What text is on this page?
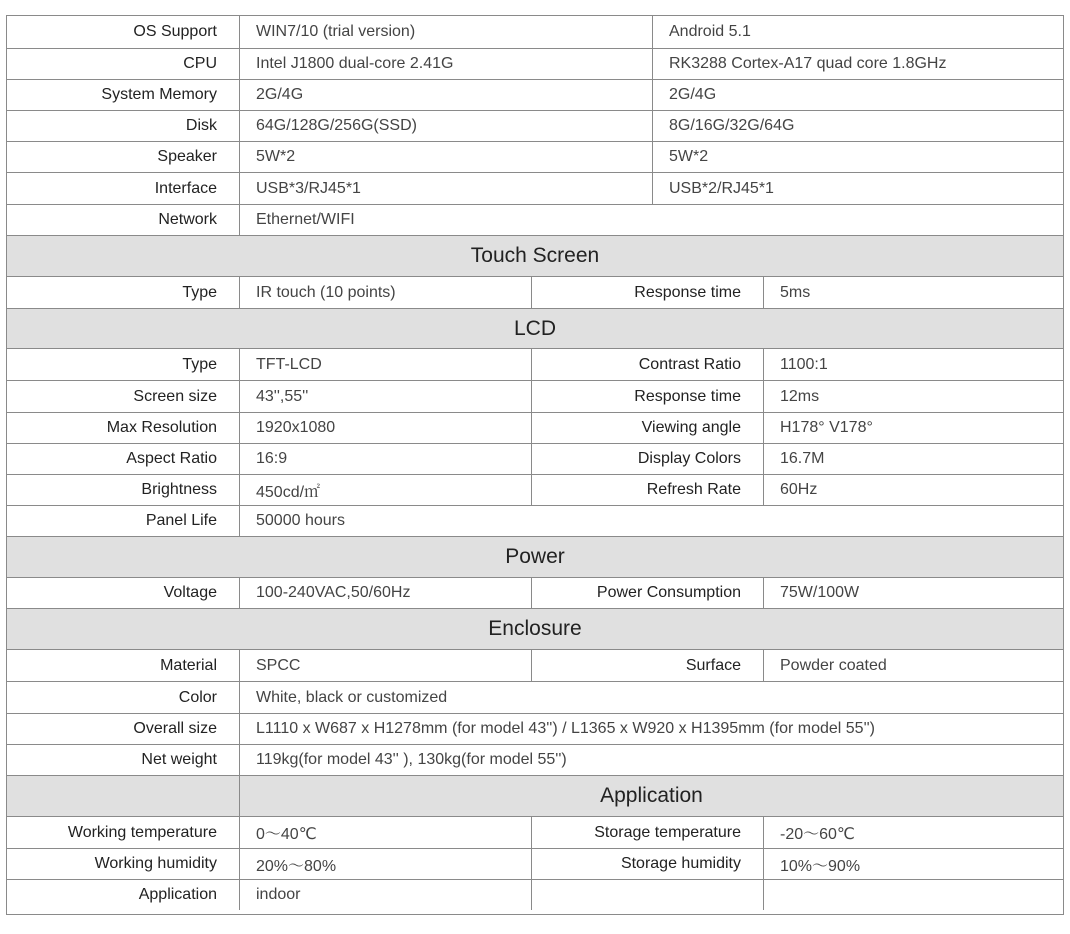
OS Support	WIN7/10 (trial version)	Android 5.1
CPU	Intel J1800 dual-core 2.41G	RK3288 Cortex-A17 quad core 1.8GHz
System Memory	2G/4G	2G/4G
Disk	64G/128G/256G(SSD)	8G/16G/32G/64G
Speaker	5W*2	5W*2
Interface	USB*3/RJ45*1	USB*2/RJ45*1
Network	Ethernet/WIFI
Touch Screen
Type	IR touch (10 points)	Response time	5ms
LCD
Type	TFT-LCD	Contrast Ratio	1100:1
Screen size	43'',55''	Response time	12ms
Max Resolution	1920x1080	Viewing angle	H178° V178°
Aspect Ratio	16:9	Display Colors	16.7M
Brightness	450cd/㎡	Refresh Rate	60Hz
Panel Life	50000 hours
Power
Voltage	100-240VAC,50/60Hz	Power Consumption	75W/100W
Enclosure
Material	SPCC	Surface	Powder coated
Color	White, black or customized
Overall size	L1110 x W687 x H1278mm (for model 43'') / L1365 x W920 x H1395mm (for model 55'')
Net weight	119kg(for model 43'' ), 130kg(for model 55'')
Application
Working temperature	0～40℃	Storage temperature	-20～60℃
Working humidity	20%～80%	Storage humidity	10%～90%
Application	indoor
